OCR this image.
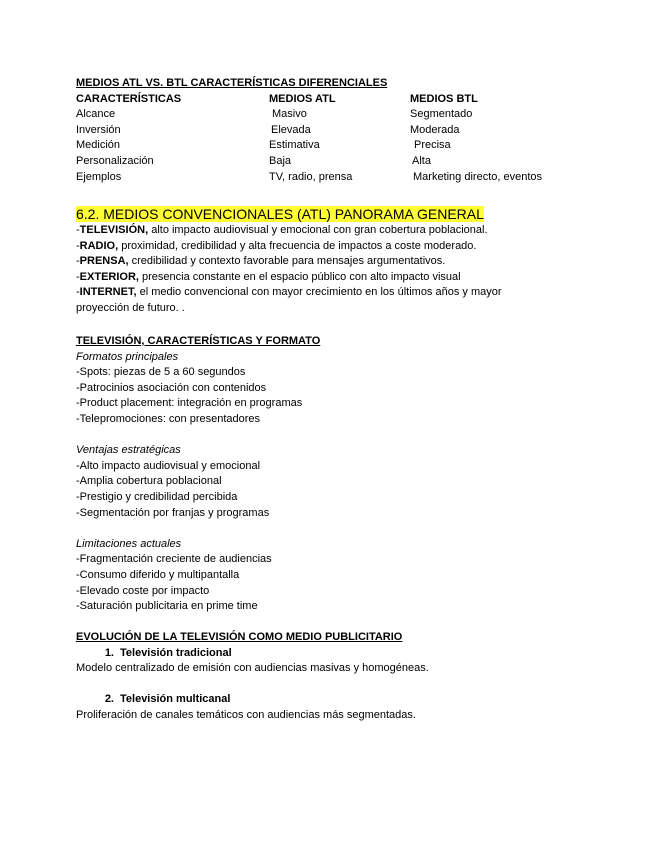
MEDIOS ATL VS. BTL CARACTERÍSTICAS DIFERENCIALES
CARACTERÍSTICAS	MEDIOS ATL	MEDIOS BTL
Alcance	Masivo	Segmentado
Inversión	Elevada	Moderada
Medición	Estimativa	Precisa
Personalización	Baja	Alta
Ejemplos	TV, radio, prensa	Marketing directo, eventos
6.2. MEDIOS CONVENCIONALES (ATL) PANORAMA GENERAL
-TELEVISIÓN, alto impacto audiovisual y emocional con gran cobertura poblacional.
-RADIO, proximidad, credibilidad y alta frecuencia de impactos a coste moderado.
-PRENSA, credibilidad y contexto favorable para mensajes argumentativos.
-EXTERIOR, presencia constante en el espacio público con alto impacto visual
-INTERNET, el medio convencional con mayor crecimiento en los últimos años y mayor
proyección de futuro. .
TELEVISIÓN, CARACTERÍSTICAS Y FORMATO
Formatos principales
-Spots: piezas de 5 a 60 segundos
-Patrocinios asociación con contenidos
-Product placement: integración en programas
-Telepromociones: con presentadores
Ventajas estratégicas
-Alto impacto audiovisual y emocional
-Amplia cobertura poblacional
-Prestigio y credibilidad percibida
-Segmentación por franjas y programas
Limitaciones actuales
-Fragmentación creciente de audiencias
-Consumo diferido y multipantalla
-Elevado coste por impacto
-Saturación publicitaria en prime time
EVOLUCIÓN DE LA TELEVISIÓN COMO MEDIO PUBLICITARIO
1. Televisión tradicional
Modelo centralizado de emisión con audiencias masivas y homogéneas.
2. Televisión multicanal
Proliferación de canales temáticos con audiencias más segmentadas.
